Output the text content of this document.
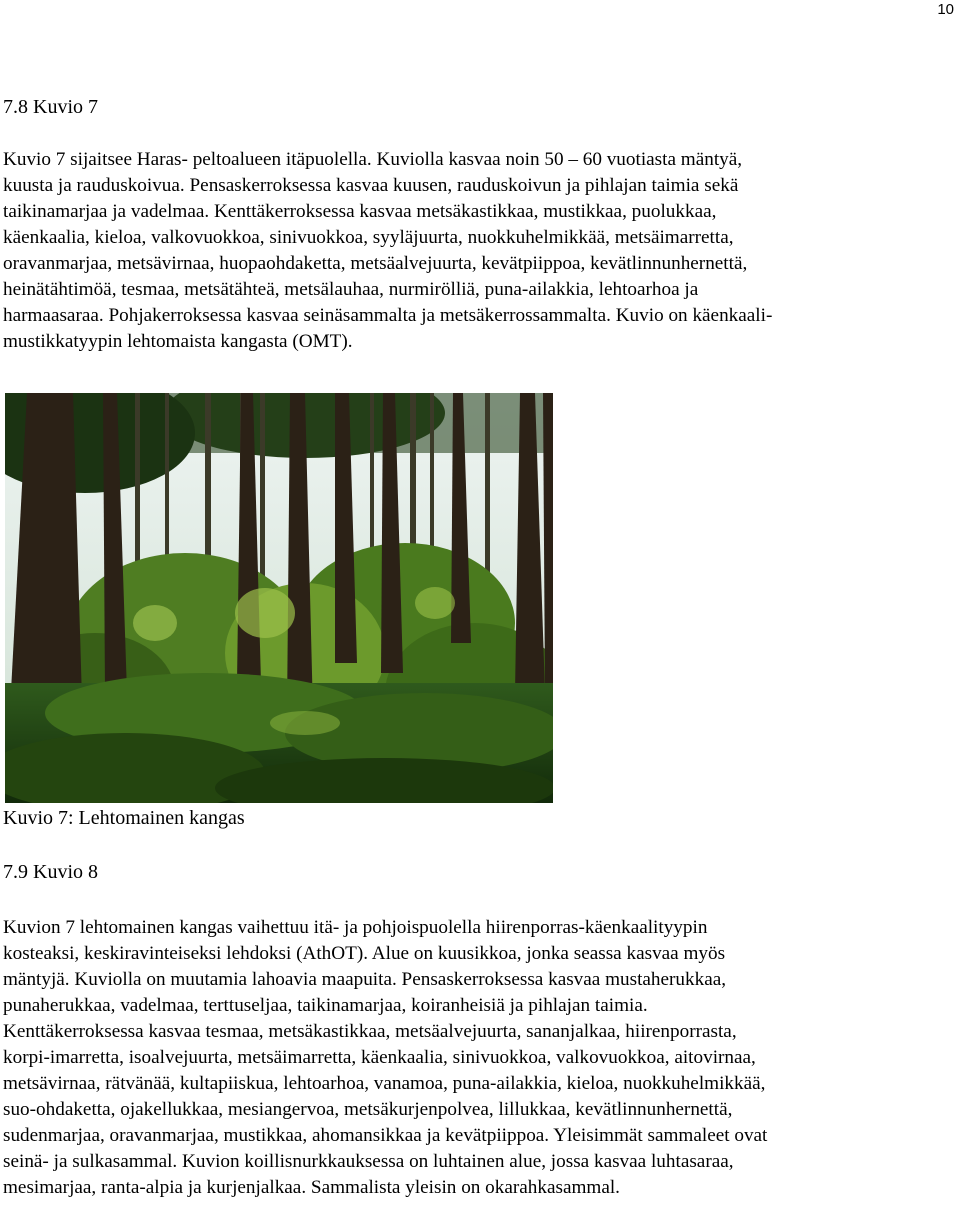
10
7.8 Kuvio 7

Kuvio 7 sijaitsee Haras- peltoalueen itäpuolella. Kuviolla kasvaa noin 50 – 60 vuotiasta mäntyä,
kuusta ja rauduskoivua. Pensaskerroksessa kasvaa kuusen, rauduskoivun ja pihlajan taimia sekä
taikinamarjaa ja vadelmaa. Kenttäkerroksessa kasvaa metsäkastikkaa, mustikkaa, puolukkaa,
käenkaalia, kieloa, valkovuokkoa, sinivuokkoa, syyläjuurta, nuokkuhelmikkää, metsäimarretta,
oravanmarjaa, metsävirnaa, huopaohdaketta, metsäalvejuurta, kevätpiippoa, kevätlinnunhernettä,
heinätähtimöä, tesmaa, metsätähteä, metsälauhaa, nurmirölliä, puna-ailakkia, lehtoarhoa ja
harmaasaraa. Pohjakerroksessa kasvaa seinäsammalta ja metsäkerrossammalta. Kuvio on käenkaali-
mustikkatyypin lehtomaista kangasta (OMT).

Kuvio 7: Lehtomainen kangas

7.9 Kuvio 8

Kuvion 7 lehtomainen kangas vaihettuu itä- ja pohjoispuolella hiirenporras-käenkaalityypin
kosteaksi, keskiravinteiseksi lehdoksi (AthOT). Alue on kuusikkoa, jonka seassa kasvaa myös
mäntyjä. Kuviolla on muutamia lahoavia maapuita. Pensaskerroksessa kasvaa mustaherukkaa,
punaherukkaa, vadelmaa, terttuseljaa, taikinamarjaa, koiranheisiä ja pihlajan taimia.
Kenttäkerroksessa kasvaa tesmaa, metsäkastikkaa, metsäalvejuurta, sananjalkaa, hiirenporrasta,
korpi-imarretta, isoalvejuurta, metsäimarretta, käenkaalia, sinivuokkoa, valkovuokkoa, aitovirnaa,
metsävirnaa, rätvänää, kultapiiskua, lehtoarhoa, vanamoa, puna-ailakkia, kieloa, nuokkuhelmikkää,
suo-ohdaketta, ojakellukkaa, mesiangervoa, metsäkurjenpolvea, lillukkaa, kevätlinnunhernettä,
sudenmarjaa, oravanmarjaa, mustikkaa, ahomansikkaa ja kevätpiippoa. Yleisimmät sammaleet ovat
seinä- ja sulkasammal. Kuvion koillisnurkkauksessa on luhtainen alue, jossa kasvaa luhtasaraa,
mesimarjaa, ranta-alpia ja kurjenjalkaa. Sammalista yleisin on okarahkasammal.
